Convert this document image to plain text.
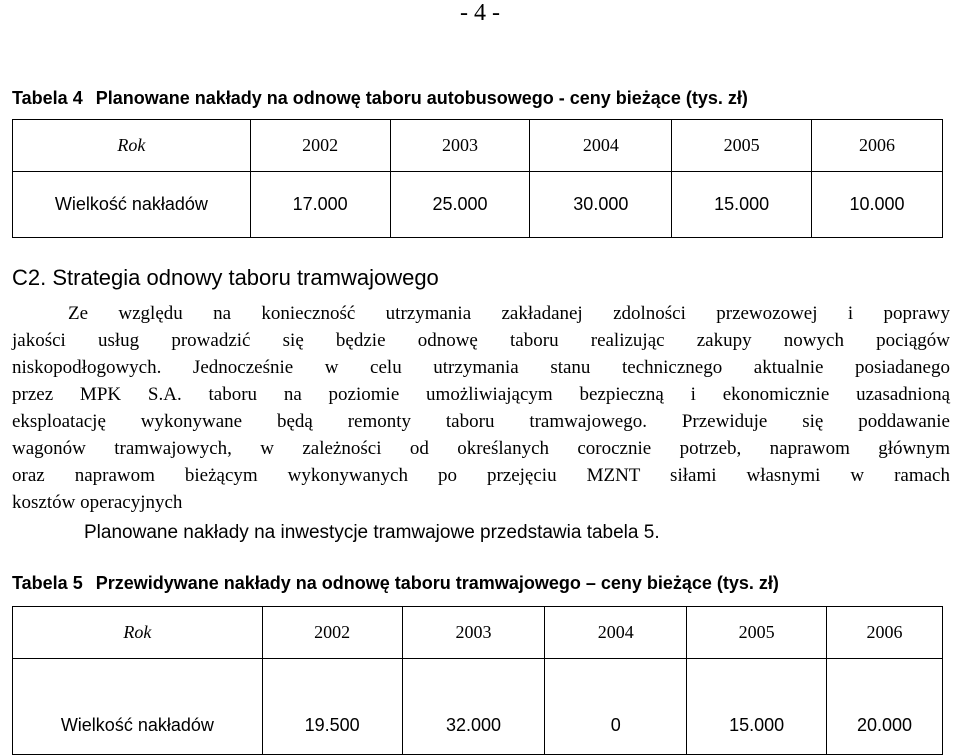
- 4 -
Tabela 4 Planowane nakłady na odnowę taboru autobusowego - ceny bieżące (tys. zł)
Rok	2002	2003	2004	2005	2006
Wielkość nakładów	17.000	25.000	30.000	15.000	10.000
C2. Strategia odnowy taboru tramwajowego
Ze względu na konieczność utrzymania zakładanej zdolności przewozowej i poprawy
jakości usług prowadzić się będzie odnowę taboru realizując zakupy nowych pociągów
niskopodłogowych. Jednocześnie w celu utrzymania stanu technicznego aktualnie posiadanego
przez MPK S.A. taboru na poziomie umożliwiającym bezpieczną i ekonomicznie uzasadnioną
eksploatację wykonywane będą remonty taboru tramwajowego. Przewiduje się poddawanie
wagonów tramwajowych, w zależności od określanych corocznie potrzeb, naprawom głównym
oraz naprawom bieżącym wykonywanych po przejęciu MZNT siłami własnymi w ramach
kosztów operacyjnych
Planowane nakłady na inwestycje tramwajowe przedstawia tabela 5.
Tabela 5 Przewidywane nakłady na odnowę taboru tramwajowego – ceny bieżące (tys. zł)
Rok	2002	2003	2004	2005	2006
Wielkość nakładów	19.500	32.000	0	15.000	20.000
